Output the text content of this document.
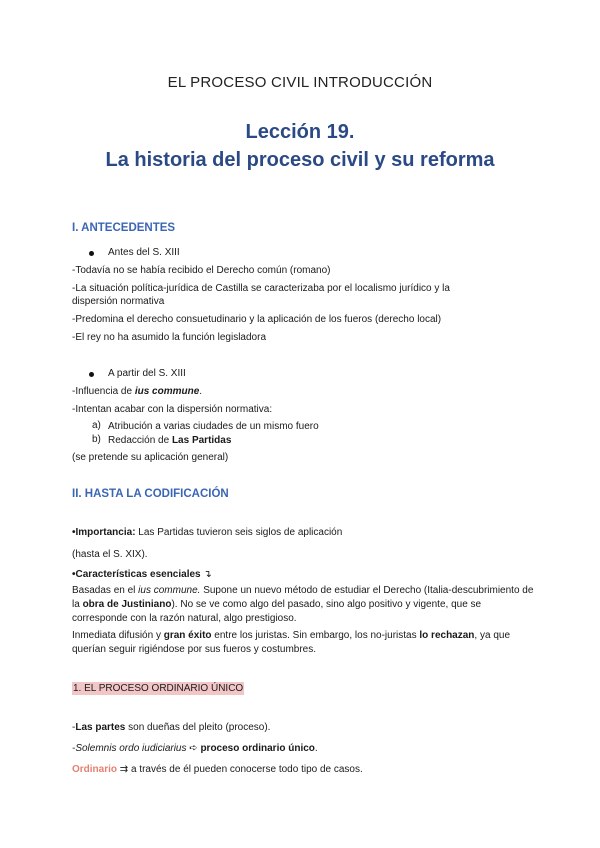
EL PROCESO CIVIL INTRODUCCIÓN
Lección 19.
La historia del proceso civil y su reforma
I. ANTECEDENTES
Antes del S. XIII
-Todavía no se había recibido el Derecho común (romano)
-La situación política-jurídica de Castilla se caracterizaba por el localismo jurídico y la
dispersión normativa
-Predomina el derecho consuetudinario y la aplicación de los fueros (derecho local)
-El rey no ha asumido la función legisladora
A partir del S. XIII
-Influencia de ius commune.
-Intentan acabar con la dispersión normativa:
a) Atribución a varias ciudades de un mismo fuero
b) Redacción de Las Partidas
(se pretende su aplicación general)
II. HASTA LA CODIFICACIÓN
•Importancia: Las Partidas tuvieron seis siglos de aplicación
(hasta el S. XIX).
•Características esenciales ↴
Basadas en el ius commune. Supone un nuevo método de estudiar el Derecho (Italia-descubrimiento de la obra de Justiniano). No se ve como algo del pasado, sino algo positivo y vigente, que se corresponde con la razón natural, algo prestigioso.
Inmediata difusión y gran éxito entre los juristas. Sin embargo, los no-juristas lo rechazan, ya que querían seguir rigiéndose por sus fueros y costumbres.
1. EL PROCESO ORDINARIO ÚNICO
-Las partes son dueñas del pleito (proceso).
-Solemnis ordo iudiciarius ➪ proceso ordinario único.
Ordinario ⇉ a través de él pueden conocerse todo tipo de casos.
